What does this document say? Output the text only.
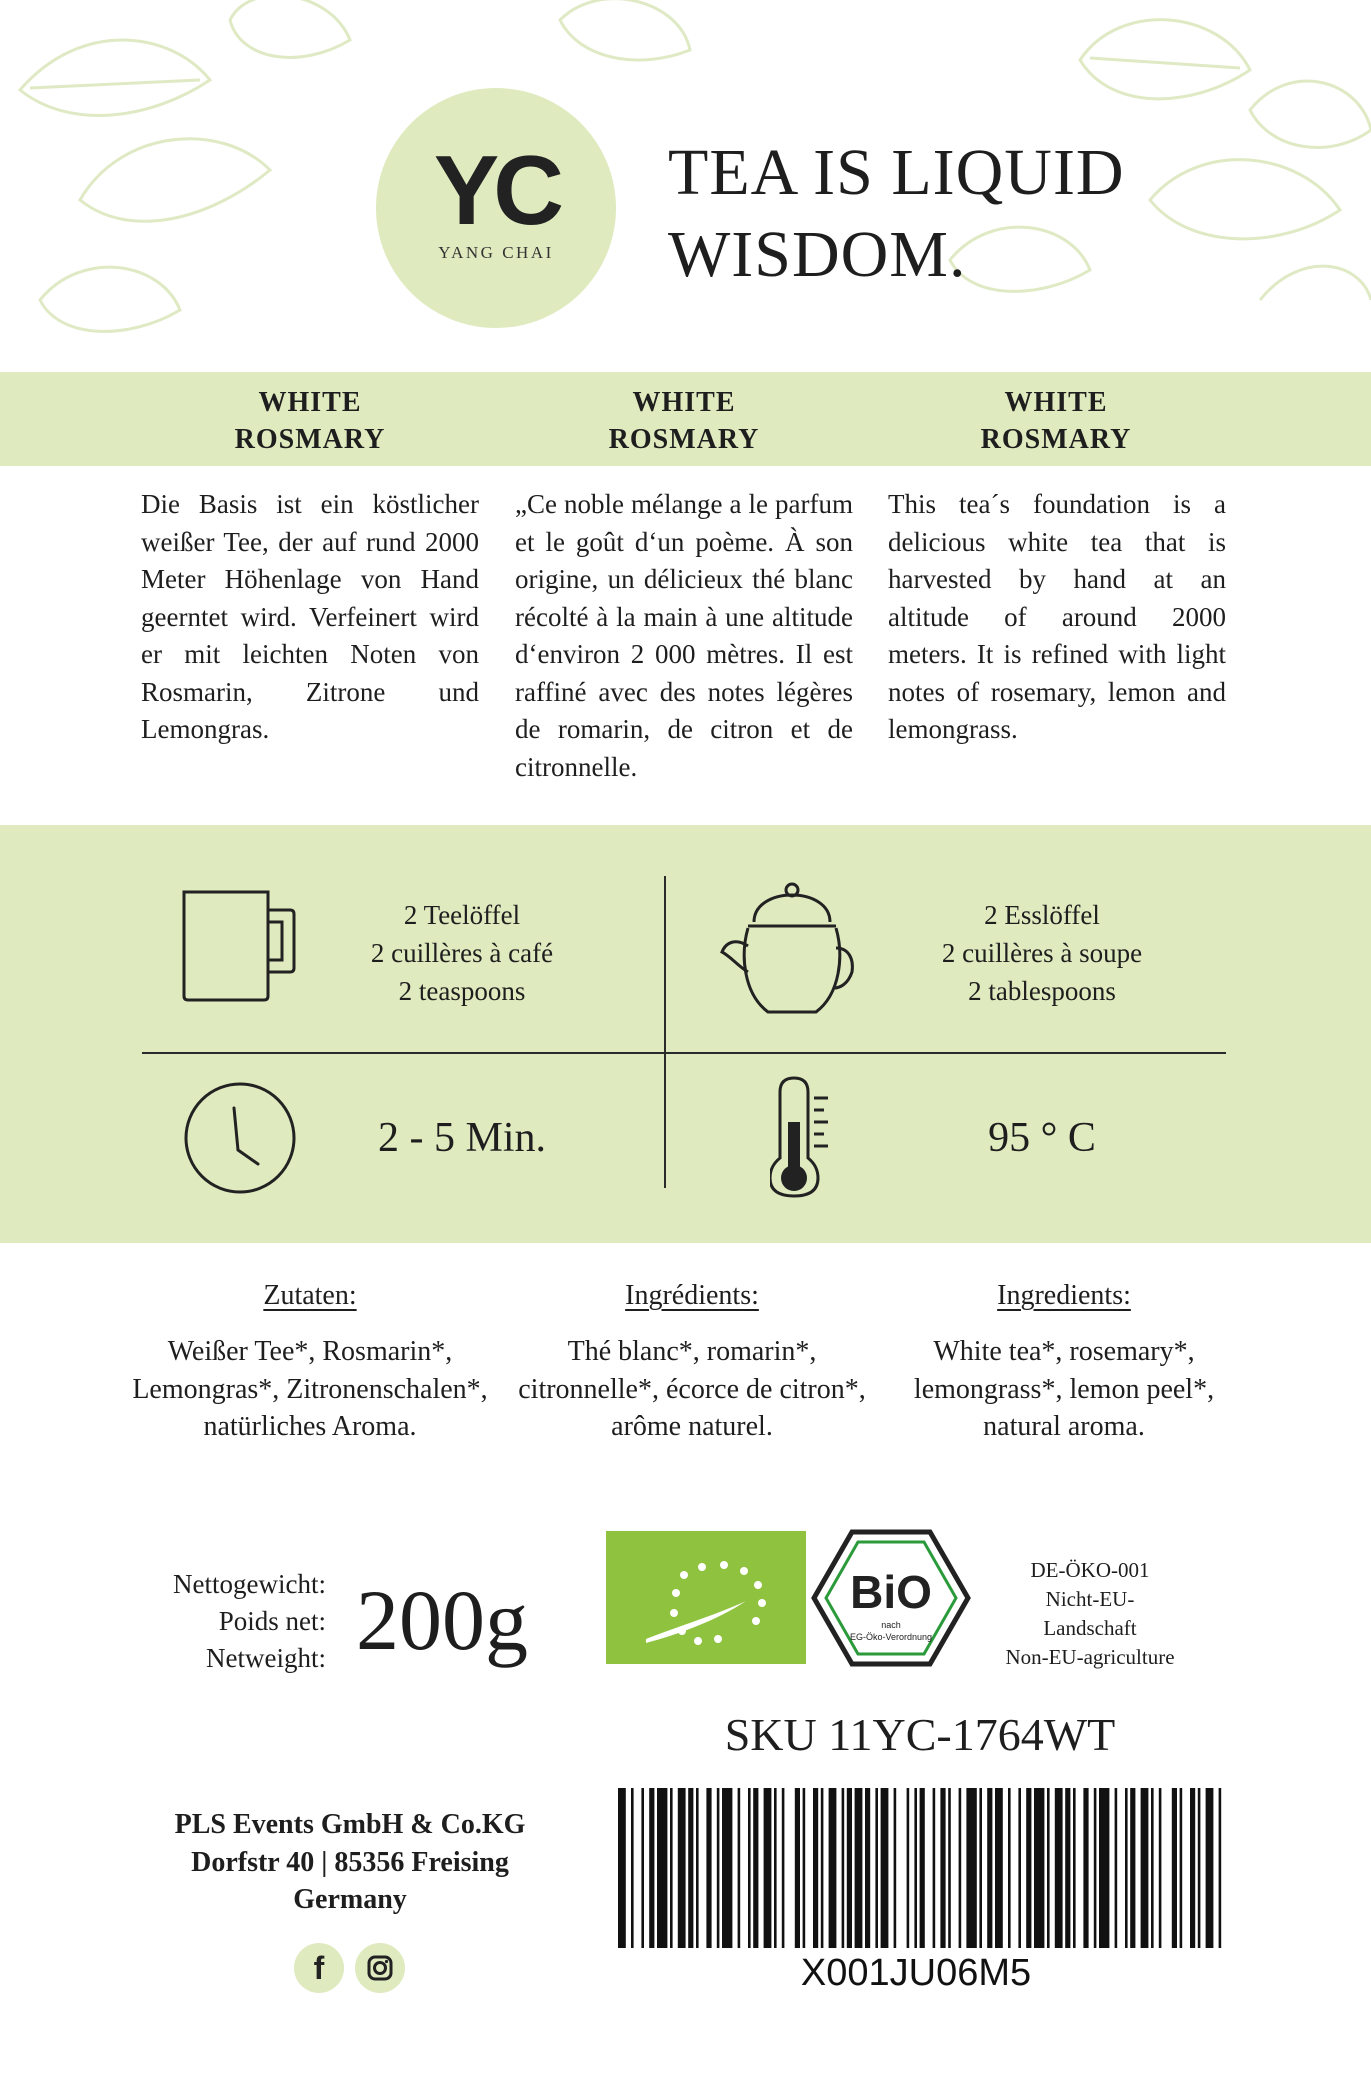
YC
YANG CHAI
TEA IS LIQUID
WISDOM.
WHITE
ROSMARY
WHITE
ROSMARY
WHITE
ROSMARY
Die Basis ist ein köstlicher weißer Tee, der auf rund 2000 Meter Höhenlage von Hand geerntet wird. Verfeinert wird er mit leichten Noten von Rosmarin, Zitrone und Lemongras.
„Ce noble mélange a le parfum et le goût d‘un poème. À son origine, un délicieux thé blanc récolté à la main à une altitude d‘environ 2 000 mètres. Il est raffiné avec des notes légères de romarin, de citron et de citronnelle.
This tea´s foundation is a delicious white tea that is harvested by hand at an altitude of around 2000 meters. It is refined with light notes of rosemary, lemon and lemongrass.
2 Teelöffel
2 cuillères à café
2 teaspoons
2 Esslöffel
2 cuillères à soupe
2 tablespoons
2 - 5 Min.	95 ° C
Zutaten:
Weißer Tee*, Rosmarin*, Lemongras*, Zitronenschalen*, natürliches Aroma.
Ingrédients:
Thé blanc*, romarin*, citronnelle*, écorce de citron*, arôme naturel.
Ingredients:
White tea*, rosemary*, lemongrass*, lemon peel*, natural aroma.
Nettogewicht:
Poids net:
Netweight: 200g	BiO
nach
EG-Öko-Verordnung
DE-ÖKO-001
Nicht-EU-Landschaft
Non-EU-agriculture
SKU 11YC-1764WT
PLS Events GmbH & Co.KG
Dorfstr 40 | 85356 Freising
Germany
f	X001JU06M5
